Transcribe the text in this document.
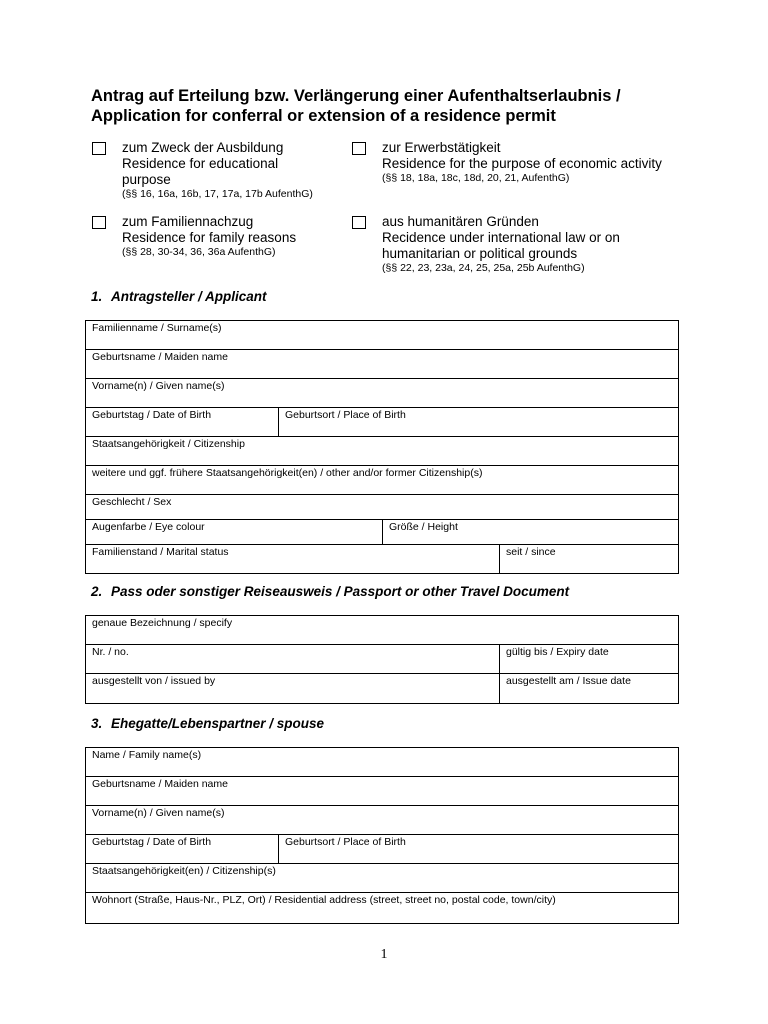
Antrag auf Erteilung bzw. Verlängerung einer Aufenthaltserlaubnis /
Application for conferral or extension of a residence permit
zum Zweck der Ausbildung
Residence for educational purpose
(§§ 16, 16a, 16b, 17, 17a, 17b AufenthG)
zur Erwerbstätigkeit
Residence for the purpose of economic activity
(§§ 18, 18a, 18c, 18d, 20, 21, AufenthG)
zum Familiennachzug
Residence for family reasons
(§§ 28, 30-34, 36, 36a AufenthG)
aus humanitären Gründen
Recidence under international law or on humanitarian or political grounds
(§§ 22, 23, 23a, 24, 25, 25a, 25b AufenthG)
1. Antragsteller / Applicant
Familienname / Surname(s)
Geburtsname / Maiden name
Vorname(n) / Given name(s)
Geburtstag / Date of Birth	Geburtsort / Place of Birth
Staatsangehörigkeit / Citizenship
weitere und ggf. frühere Staatsangehörigkeit(en) / other and/or former Citizenship(s)
Geschlecht / Sex
Augenfarbe / Eye colour	Größe / Height
Familienstand / Marital status	seit / since
2. Pass oder sonstiger Reiseausweis / Passport or other Travel Document
genaue Bezeichnung / specify
Nr. / no.	gültig bis / Expiry date
ausgestellt von / issued by	ausgestellt am / Issue date
3. Ehegatte/Lebenspartner / spouse
Name / Family name(s)
Geburtsname / Maiden name
Vorname(n) / Given name(s)
Geburtstag / Date of Birth	Geburtsort / Place of Birth
Staatsangehörigkeit(en) / Citizenship(s)
Wohnort (Straße, Haus-Nr., PLZ, Ort) / Residential address (street, street no, postal code, town/city)
1
